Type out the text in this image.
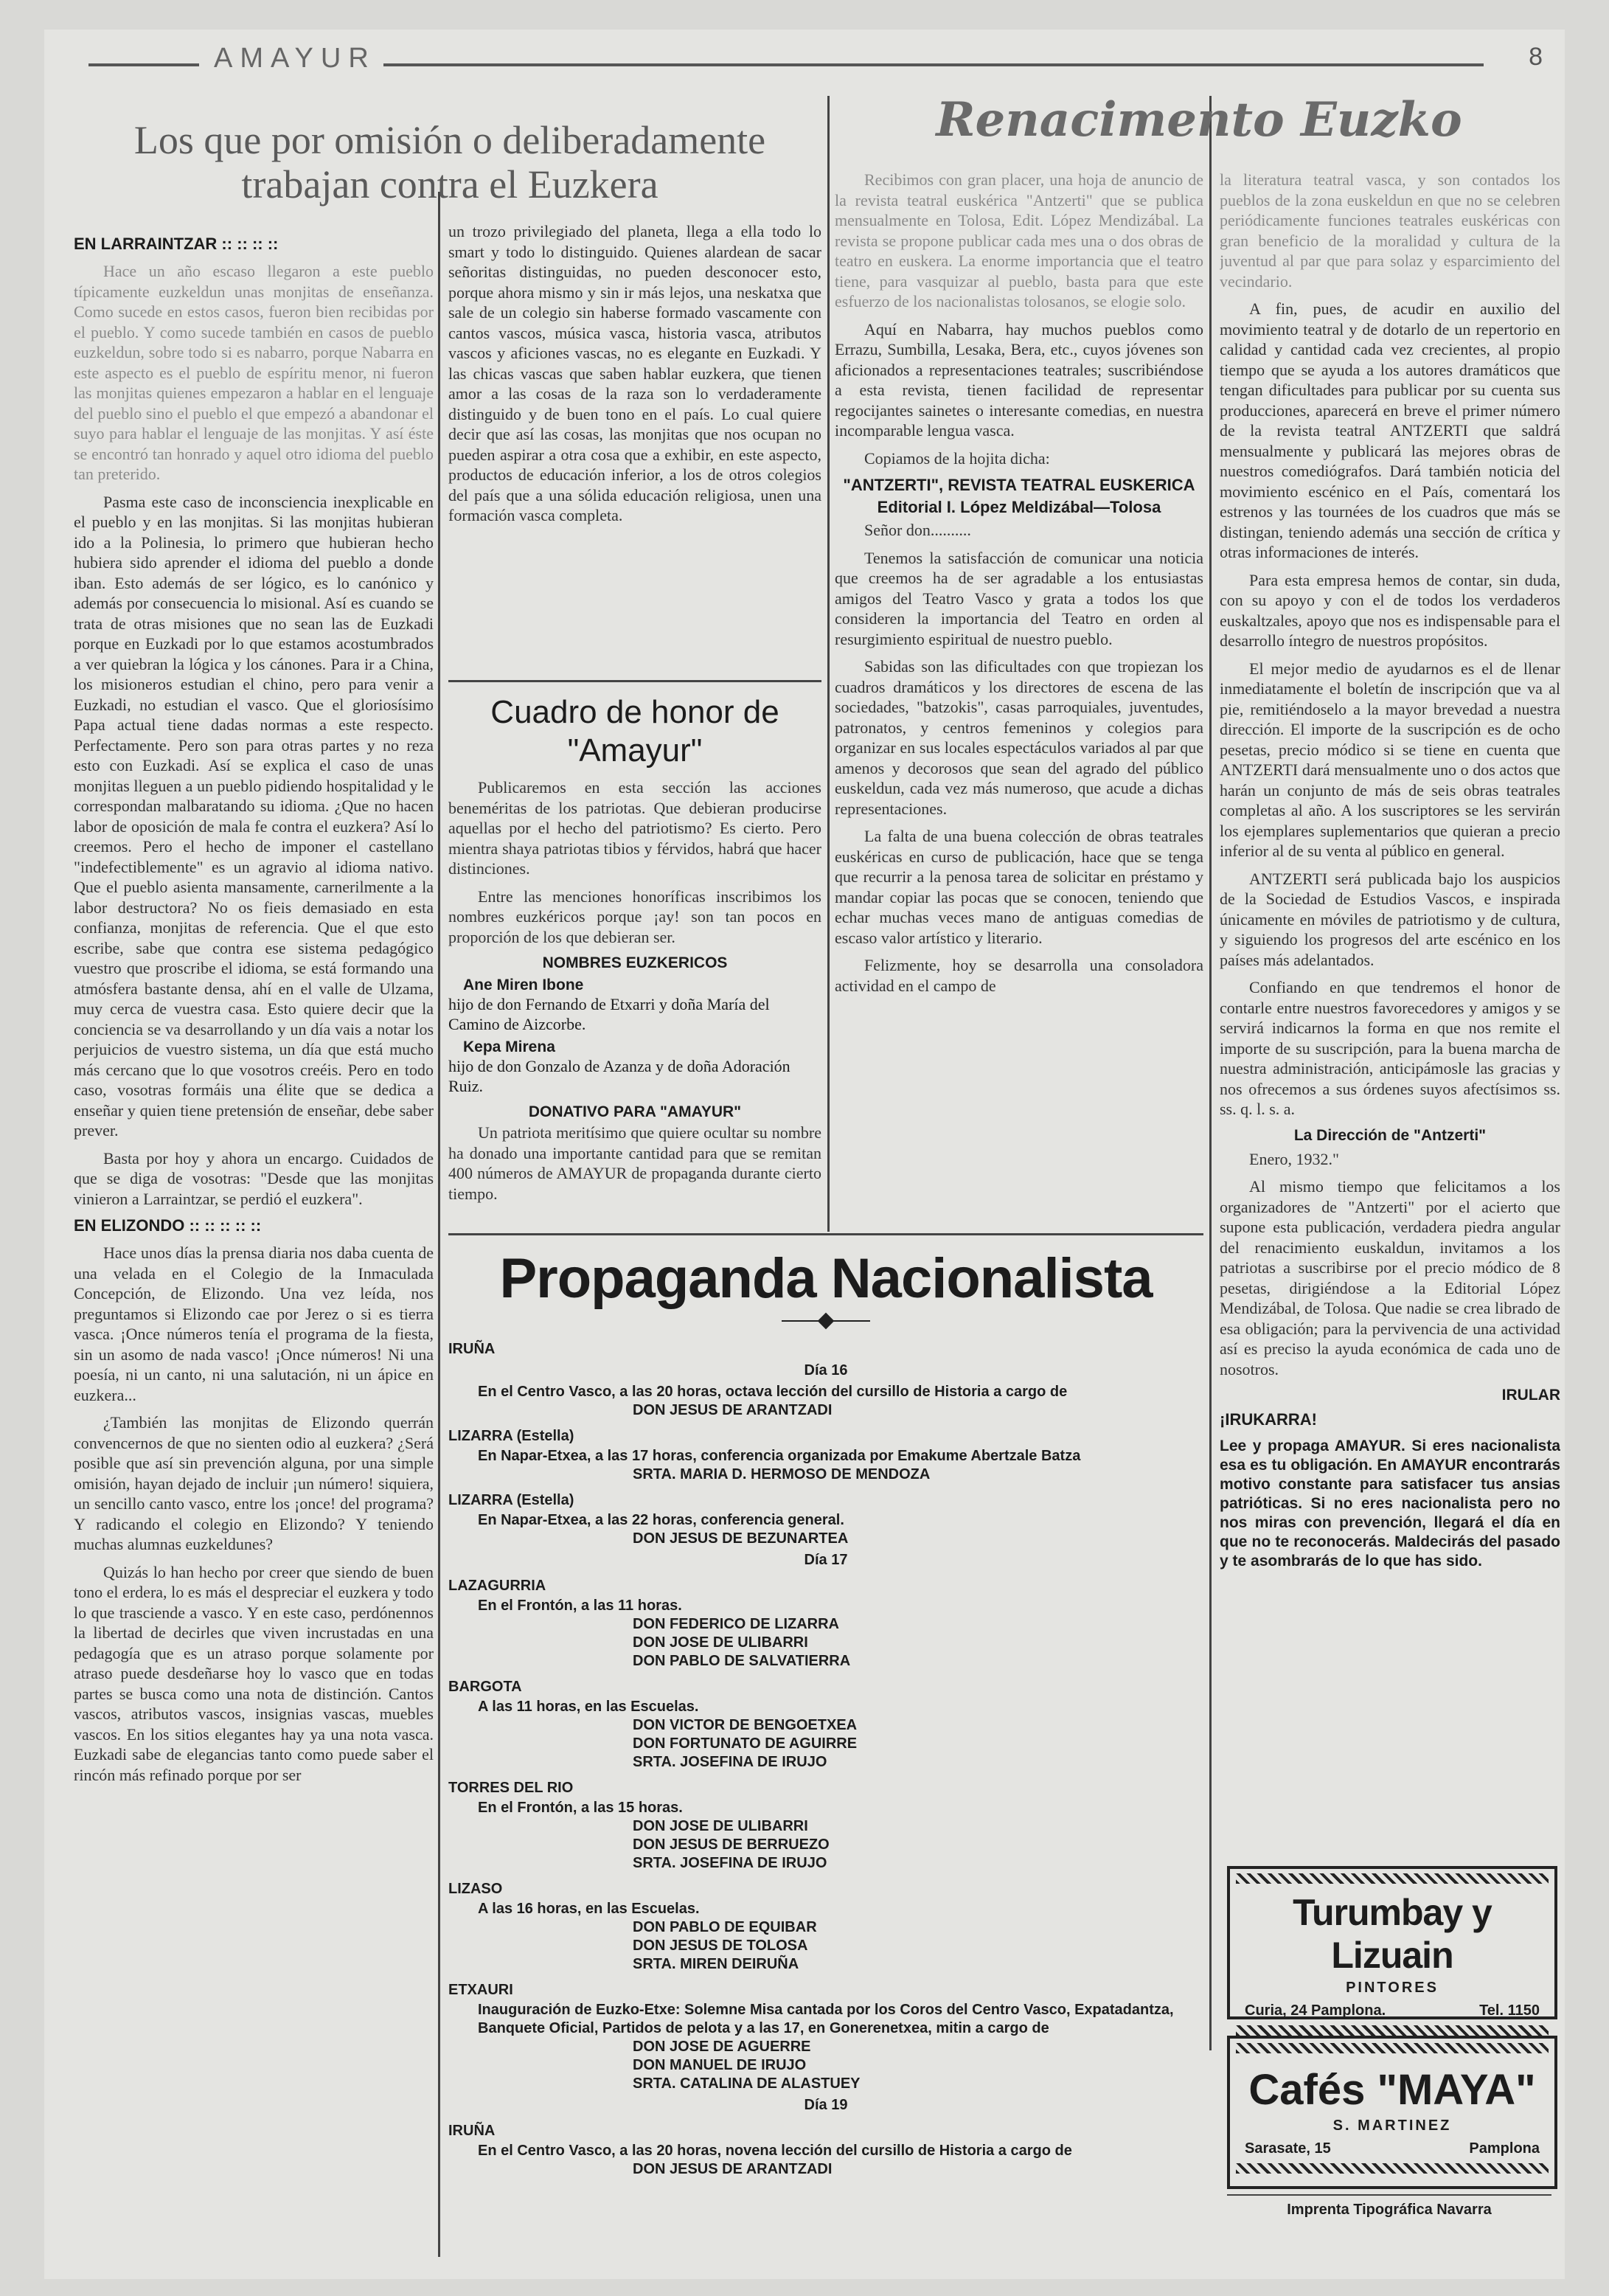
AMAYUR	8
Los que por omisión o deliberadamente trabajan contra el Euzkera
EN LARRAINTZAR :: :: :: ::

Hace un año escaso llegaron a este pueblo típicamente euzkeldun unas monjitas de enseñanza. Como sucede en estos casos, fueron bien recibidas por el pueblo. Y como sucede también en casos de pueblo euzkeldun, sobre todo si es nabarro, porque Nabarra en este aspecto es el pueblo de espíritu menor, ni fueron las monjitas quienes empezaron a hablar en el lenguaje del pueblo sino el pueblo el que empezó a abandonar el suyo para hablar el lenguaje de las monjitas. Y así éste se encontró tan honrado y aquel otro idioma del pueblo tan preterido.

Pasma este caso de inconsciencia inexplicable en el pueblo y en las monjitas. Si las monjitas hubieran ido a la Polinesia, lo primero que hubieran hecho hubiera sido aprender el idioma del pueblo a donde iban. Esto además de ser lógico, es lo canónico y además por consecuencia lo misional. Así es cuando se trata de otras misiones que no sean las de Euzkadi porque en Euzkadi por lo que estamos acostumbrados a ver quiebran la lógica y los cánones. Para ir a China, los misioneros estudian el chino, pero para venir a Euzkadi, no estudian el vasco. Que el gloriosísimo Papa actual tiene dadas normas a este respecto. Perfectamente. Pero son para otras partes y no reza esto con Euzkadi. Así se explica el caso de unas monjitas lleguen a un pueblo pidiendo hospitalidad y le correspondan malbaratando su idioma. ¿Que no hacen labor de oposición de mala fe contra el euzkera? Así lo creemos. Pero el hecho de imponer el castellano "indefectiblemente" es un agravio al idioma nativo. Que el pueblo asienta mansamente, carnerilmente a la labor destructora? No os fieis demasiado en esta confianza, monjitas de referencia. Que el que esto escribe, sabe que contra ese sistema pedagógico vuestro que proscribe el idioma, se está formando una atmósfera bastante densa, ahí en el valle de Ulzama, muy cerca de vuestra casa. Esto quiere decir que la conciencia se va desarrollando y un día vais a notar los perjuicios de vuestro sistema, un día que está mucho más cercano que lo que vosotros creéis. Pero en todo caso, vosotras formáis una élite que se dedica a enseñar y quien tiene pretensión de enseñar, debe saber prever.

Basta por hoy y ahora un encargo. Cuidados de que se diga de vosotras: "Desde que las monjitas vinieron a Larraintzar, se perdió el euzkera".

EN ELIZONDO :: :: :: :: ::

Hace unos días la prensa diaria nos daba cuenta de una velada en el Colegio de la Inmaculada Concepción, de Elizondo. Una vez leída, nos preguntamos si Elizondo cae por Jerez o si es tierra vasca. ¡Once números tenía el programa de la fiesta, sin un asomo de nada vasco! ¡Once números! Ni una poesía, ni un canto, ni una salutación, ni un ápice en euzkera...

¿También las monjitas de Elizondo querrán convencernos de que no sienten odio al euzkera? ¿Será posible que así sin prevención alguna, por una simple omisión, hayan dejado de incluir ¡un número! siquiera, un sencillo canto vasco, entre los ¡once! del programa? Y radicando el colegio en Elizondo? Y teniendo muchas alumnas euzkeldunes?

Quizás lo han hecho por creer que siendo de buen tono el erdera, lo es más el despreciar el euzkera y todo lo que trasciende a vasco. Y en este caso, perdónennos la libertad de decirles que viven incrustadas en una pedagogía que es un atraso porque solamente por atraso puede desdeñarse hoy lo vasco que en todas partes se busca como una nota de distinción. Cantos vascos, atributos vascos, insignias vascas, muebles vascos. En los sitios elegantes hay ya una nota vasca. Euzkadi sabe de elegancias tanto como puede saber el rincón más refinado porque por ser

un trozo privilegiado del planeta, llega a ella todo lo smart y todo lo distinguido. Quienes alardean de sacar señoritas distinguidas, no pueden desconocer esto, porque ahora mismo y sin ir más lejos, una neskatxa que sale de un colegio sin haberse formado vascamente con cantos vascos, música vasca, historia vasca, atributos vascos y aficiones vascas, no es elegante en Euzkadi. Y las chicas vascas que saben hablar euzkera, que tienen amor a las cosas de la raza son lo verdaderamente distinguido y de buen tono en el país. Lo cual quiere decir que así las cosas, las monjitas que nos ocupan no pueden aspirar a otra cosa que a exhibir, en este aspecto, productos de educación inferior, a los de otros colegios del país que a una sólida educación religiosa, unen una formación vasca completa.

Cuadro de honor de "Amayur"

Publicaremos en esta sección las acciones beneméritas de los patriotas. Que debieran producirse aquellas por el hecho del patriotismo? Es cierto. Pero mientra shaya patriotas tibios y férvidos, habrá que hacer distinciones.

Entre las menciones honoríficas inscribimos los nombres euzkéricos porque ¡ay! son tan pocos en proporción de los que debieran ser.

NOMBRES EUZKERICOS
Ane Miren Ibone

hijo de don Fernando de Etxarri y doña María del Camino de Aizcorbe.

Kepa Mirena

hijo de don Gonzalo de Azanza y de doña Adoración Ruiz.

DONATIVO PARA "AMAYUR"

Un patriota meritísimo que quiere ocultar su nombre ha donado una importante cantidad para que se remitan 400 números de AMAYUR de propaganda durante cierto tiempo.

Renacimento Euzko

Recibimos con gran placer, una hoja de anuncio de la revista teatral euskérica "Antzerti" que se publica mensualmente en Tolosa, Edit. López Mendizábal. La revista se propone publicar cada mes una o dos obras de teatro en euskera. La enorme importancia que el teatro tiene, para vasquizar al pueblo, basta para que este esfuerzo de los nacionalistas tolosanos, se elogie solo.

Aquí en Nabarra, hay muchos pueblos como Errazu, Sumbilla, Lesaka, Bera, etc., cuyos jóvenes son aficionados a representaciones teatrales; suscribiéndose a esta revista, tienen facilidad de representar regocijantes sainetes o interesante comedias, en nuestra incomparable lengua vasca.

Copiamos de la hojita dicha:

"ANTZERTI", REVISTA TEATRAL EUSKERICA
Editorial I. López Meldizábal—Tolosa

Señor don..........

Tenemos la satisfacción de comunicar una noticia que creemos ha de ser agradable a los entusiastas amigos del Teatro Vasco y grata a todos los que consideren la importancia del Teatro en orden al resurgimiento espiritual de nuestro pueblo.

Sabidas son las dificultades con que tropiezan los cuadros dramáticos y los directores de escena de las sociedades, "batzokis", casas parroquiales, juventudes, patronatos, y centros femeninos y colegios para organizar en sus locales espectáculos variados al par que amenos y decorosos que sean del agrado del público euskeldun, cada vez más numeroso, que acude a dichas representaciones.

La falta de una buena colección de obras teatrales euskéricas en curso de publicación, hace que se tenga que recurrir a la penosa tarea de solicitar en préstamo y mandar copiar las pocas que se conocen, teniendo que echar muchas veces mano de antiguas comedias de escaso valor artístico y literario.

Felizmente, hoy se desarrolla una consoladora actividad en el campo de

la literatura teatral vasca, y son contados los pueblos de la zona euskeldun en que no se celebren periódicamente funciones teatrales euskéricas con gran beneficio de la moralidad y cultura de la juventud al par que para solaz y esparcimiento del vecindario.

A fin, pues, de acudir en auxilio del movimiento teatral y de dotarlo de un repertorio en calidad y cantidad cada vez crecientes, al propio tiempo que se ayuda a los autores dramáticos que tengan dificultades para publicar por su cuenta sus producciones, aparecerá en breve el primer número de la revista teatral ANTZERTI que saldrá mensualmente y publicará las mejores obras de nuestros comediógrafos. Dará también noticia del movimiento escénico en el País, comentará los estrenos y las tournées de los cuadros que más se distingan, teniendo además una sección de crítica y otras informaciones de interés.

Para esta empresa hemos de contar, sin duda, con su apoyo y con el de todos los verdaderos euskaltzales, apoyo que nos es indispensable para el desarrollo íntegro de nuestros propósitos.

El mejor medio de ayudarnos es el de llenar inmediatamente el boletín de inscripción que va al pie, remitiéndoselo a la mayor brevedad a nuestra dirección. El importe de la suscripción es de ocho pesetas, precio módico si se tiene en cuenta que ANTZERTI dará mensualmente uno o dos actos que harán un conjunto de más de seis obras teatrales completas al año. A los suscriptores se les servirán los ejemplares suplementarios que quieran a precio inferior al de su venta al público en general.

ANTZERTI será publicada bajo los auspicios de la Sociedad de Estudios Vascos, e inspirada únicamente en móviles de patriotismo y de cultura, y siguiendo los progresos del arte escénico en los países más adelantados.

Confiando en que tendremos el honor de contarle entre nuestros favorecedores y amigos y se servirá indicarnos la forma en que nos remite el importe de su suscripción, para la buena marcha de nuestra administración, anticipámosle las gracias y nos ofrecemos a sus órdenes suyos afectísimos ss. ss. q. l. s. a.

La Dirección de "Antzerti"

Enero, 1932."

Al mismo tiempo que felicitamos a los organizadores de "Antzerti" por el acierto que supone esta publicación, verdadera piedra angular del renacimiento euskaldun, invitamos a los patriotas a suscribirse por el precio módico de 8 pesetas, dirigiéndose a la Editorial López Mendizábal, de Tolosa. Que nadie se crea librado de esa obligación; para la pervivencia de una actividad así es preciso la ayuda económica de cada uno de nosotros.

IRULAR
¡IRUKARRA!

Lee y propaga AMAYUR. Si eres nacionalista esa es tu obligación. En AMAYUR encontrarás motivo constante para satisfacer tus ansias patrióticas. Si no eres nacionalista pero no nos miras con prevención, llegará el día en que no te reconocerás. Maldecirás del pasado y te asombrarás de lo que has sido.

Propaganda Nacionalista
IRUÑA
Día 16
En el Centro Vasco, a las 20 horas, octava lección del cursillo de Historia a cargo de
DON JESUS DE ARANTZADI
LIZARRA (Estella)
En Napar-Etxea, a las 17 horas, conferencia organizada por Emakume Abertzale Batza
SRTA. MARIA D. HERMOSO DE MENDOZA
LIZARRA (Estella)
En Napar-Etxea, a las 22 horas, conferencia general.
DON JESUS DE BEZUNARTEA
Día 17
LAZAGURRIA
En el Frontón, a las 11 horas.
DON FEDERICO DE LIZARRA
DON JOSE DE ULIBARRI
DON PABLO DE SALVATIERRA
BARGOTA
A las 11 horas, en las Escuelas.
DON VICTOR DE BENGOETXEA
DON FORTUNATO DE AGUIRRE
SRTA. JOSEFINA DE IRUJO
TORRES DEL RIO
En el Frontón, a las 15 horas.
DON JOSE DE ULIBARRI
DON JESUS DE BERRUEZO
SRTA. JOSEFINA DE IRUJO
LIZASO
A las 16 horas, en las Escuelas.
DON PABLO DE EQUIBAR
DON JESUS DE TOLOSA
SRTA. MIREN DEIRUÑA
ETXAURI
Inauguración de Euzko-Etxe: Solemne Misa cantada por los Coros del Centro Vasco, Expatadantza, Banquete Oficial, Partidos de pelota y a las 17, en Gonerenetxea, mitin a cargo de
DON JOSE DE AGUERRE
DON MANUEL DE IRUJO
SRTA. CATALINA DE ALASTUEY
Día 19
IRUÑA
En el Centro Vasco, a las 20 horas, novena lección del cursillo de Historia a cargo de
DON JESUS DE ARANTZADI
Turumbay y Lizuain
PINTORES
Curia, 24 Pamplona.	Tel. 1150
Cafés "MAYA"
S. MARTINEZ
Sarasate, 15	Pamplona
Imprenta Tipográfica Navarra
